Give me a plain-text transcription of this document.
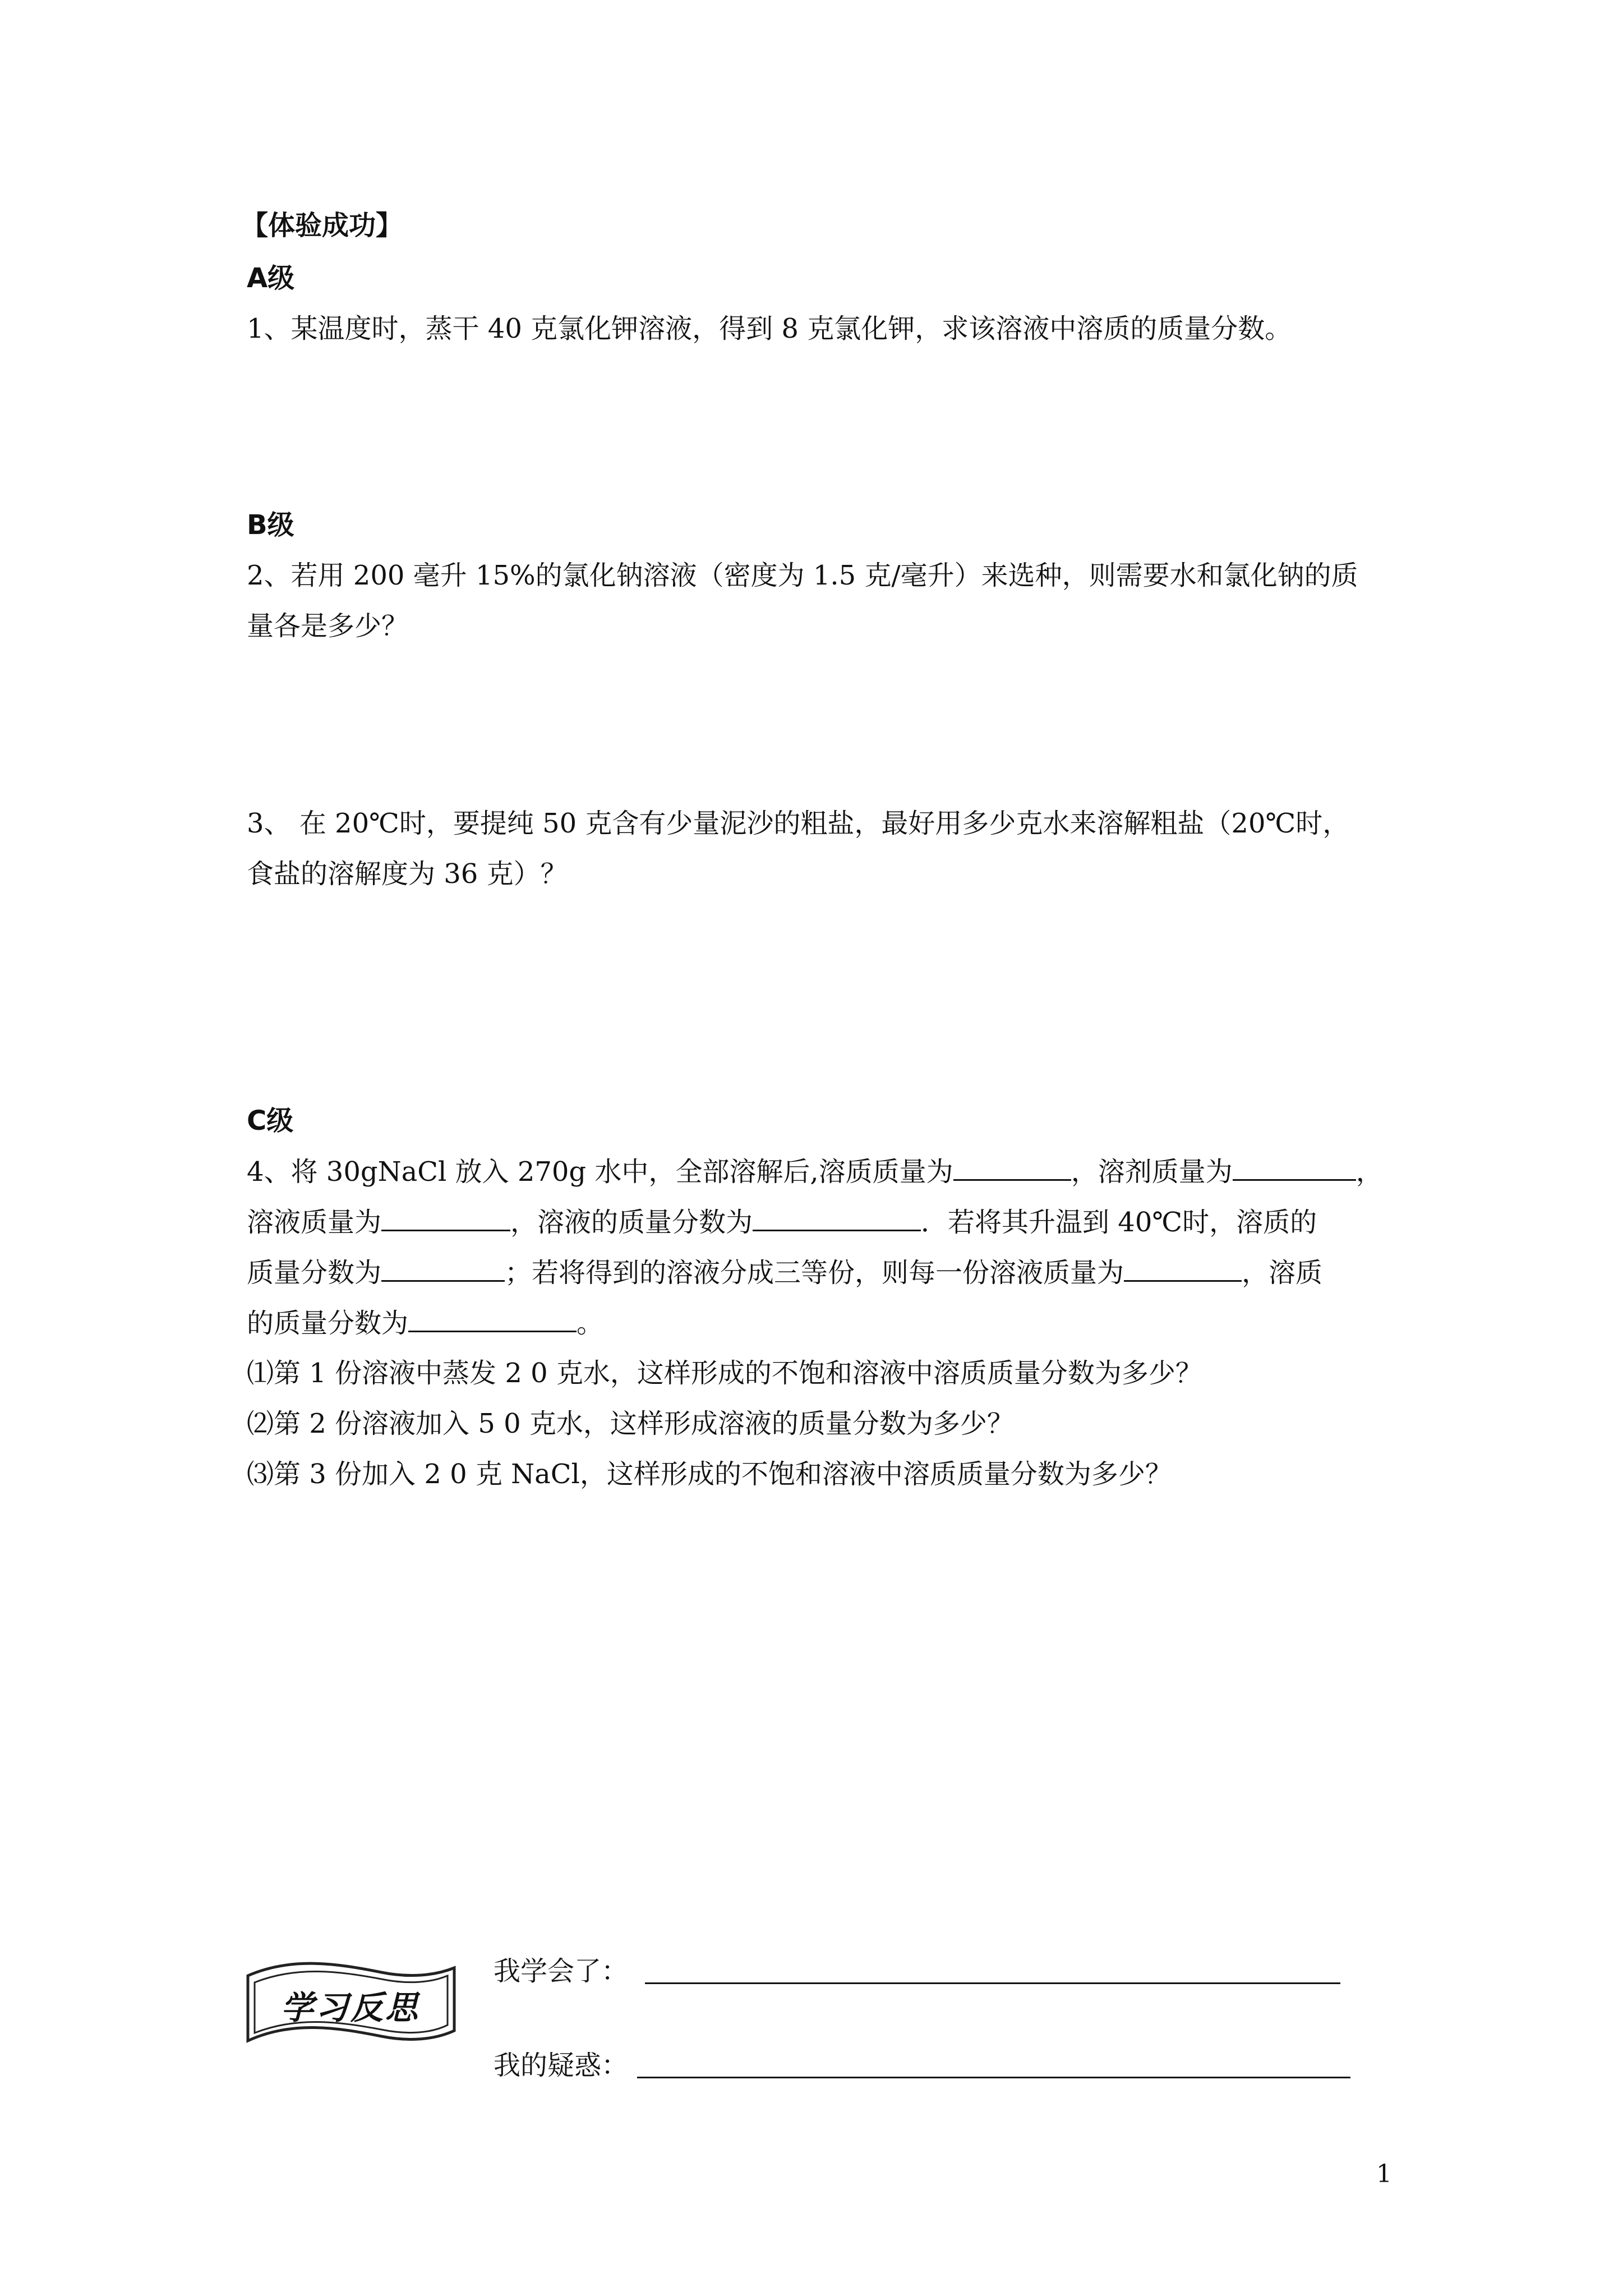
【体验成功】
A级
1、某温度时，蒸干 40 克氯化钾溶液，得到 8 克氯化钾，求该溶液中溶质的质量分数。
B级
2、若用 200 毫升 15%的氯化钠溶液（密度为 1.5 克/毫升）来选种，则需要水和氯化钠的质
量各是多少？
3、 在 20℃时，要提纯 50 克含有少量泥沙的粗盐，最好用多少克水来溶解粗盐（20℃时，
食盐的溶解度为 36 克）？
C级
4、将 30gNaCl 放入 270g 水中，全部溶解后,溶质质量为	，溶剂质量为	，
溶液质量为	，溶液的质量分数为	．若将其升温到 40℃时，溶质的
质量分数为	；若将得到的溶液分成三等份，则每一份溶液质量为	，溶质
的质量分数为	。
⑴第 1 份溶液中蒸发 2 0 克水，这样形成的不饱和溶液中溶质质量分数为多少？
⑵第 2 份溶液加入 5 0 克水，这样形成溶液的质量分数为多少？
⑶第 3 份加入 2 0 克 NaCl，这样形成的不饱和溶液中溶质质量分数为多少？
学习反思
我学会了：
我的疑惑：
1
